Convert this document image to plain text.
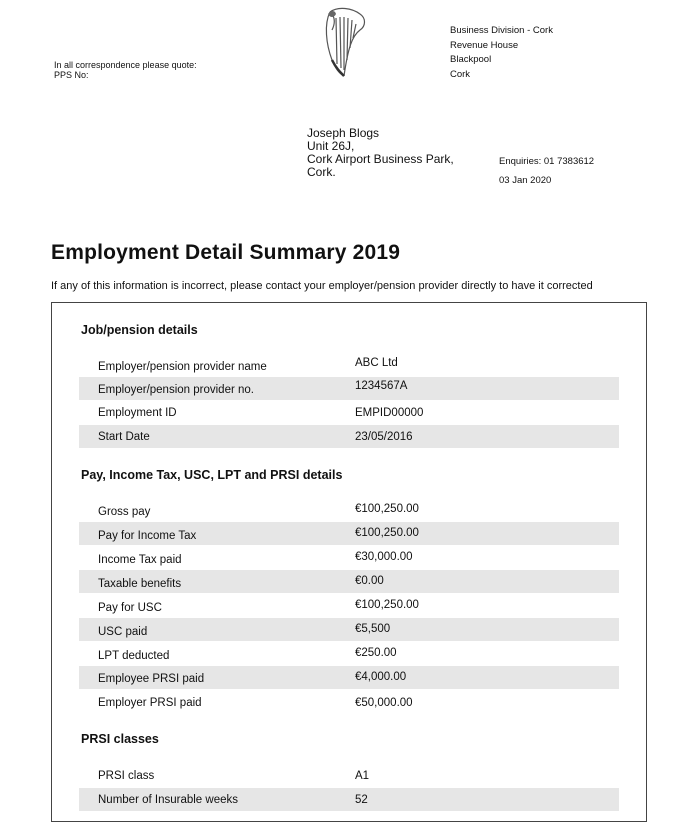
In all correspondence please quote:
PPS No:
Business Division - Cork
Revenue House
Blackpool
Cork
Joseph Blogs
Unit 26J,
Cork Airport Business Park,
Cork.
Enquiries: 01 7383612
03 Jan 2020
Employment Detail Summary 2019
If any of this information is incorrect, please contact your employer/pension provider directly to have it corrected
Job/pension details
Employer/pension provider name	ABC Ltd
Employer/pension provider no.	1234567A
Employment ID	EMPID00000
Start Date	23/05/2016
Pay, Income Tax, USC, LPT and PRSI details
Gross pay	€100,250.00
Pay for Income Tax	€100,250.00
Income Tax paid	€30,000.00
Taxable benefits	€0.00
Pay for USC	€100,250.00
USC paid	€5,500
LPT deducted	€250.00
Employee PRSI paid	€4,000.00
Employer PRSI paid	€50,000.00
PRSI classes
PRSI class	A1
Number of Insurable weeks	52
